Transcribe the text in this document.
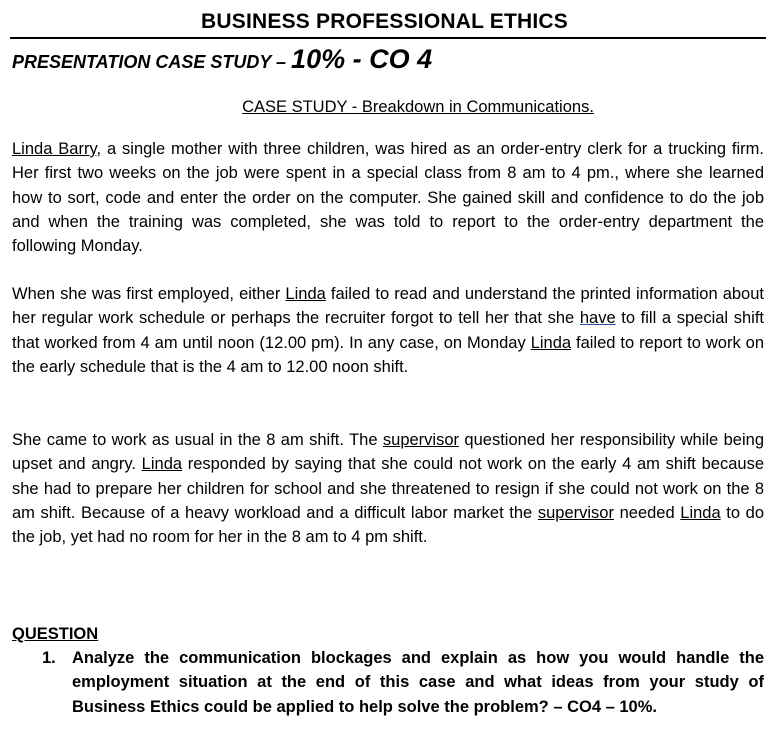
BUSINESS PROFESSIONAL ETHICS
PRESENTATION CASE STUDY – 10% - CO 4
CASE STUDY - Breakdown in Communications.
Linda Barry, a single mother with three children, was hired as an order-entry clerk for a trucking firm. Her first two weeks on the job were spent in a special class from 8 am to 4 pm., where she learned how to sort, code and enter the order on the computer. She gained skill and confidence to do the job and when the training was completed, she was told to report to the order-entry department the following Monday.
When she was first employed, either Linda failed to read and understand the printed information about her regular work schedule or perhaps the recruiter forgot to tell her that she have to fill a special shift that worked from 4 am until noon (12.00 pm). In any case, on Monday Linda failed to report to work on the early schedule that is the 4 am to 12.00 noon shift.
She came to work as usual in the 8 am shift. The supervisor questioned her responsibility while being upset and angry. Linda responded by saying that she could not work on the early 4 am shift because she had to prepare her children for school and she threatened to resign if she could not work on the 8 am shift. Because of a heavy workload and a difficult labor market the supervisor needed Linda to do the job, yet had no room for her in the 8 am to 4 pm shift.
QUESTION
1. Analyze the communication blockages and explain as how you would handle the employment situation at the end of this case and what ideas from your study of Business Ethics could be applied to help solve the problem? – CO4 – 10%.
